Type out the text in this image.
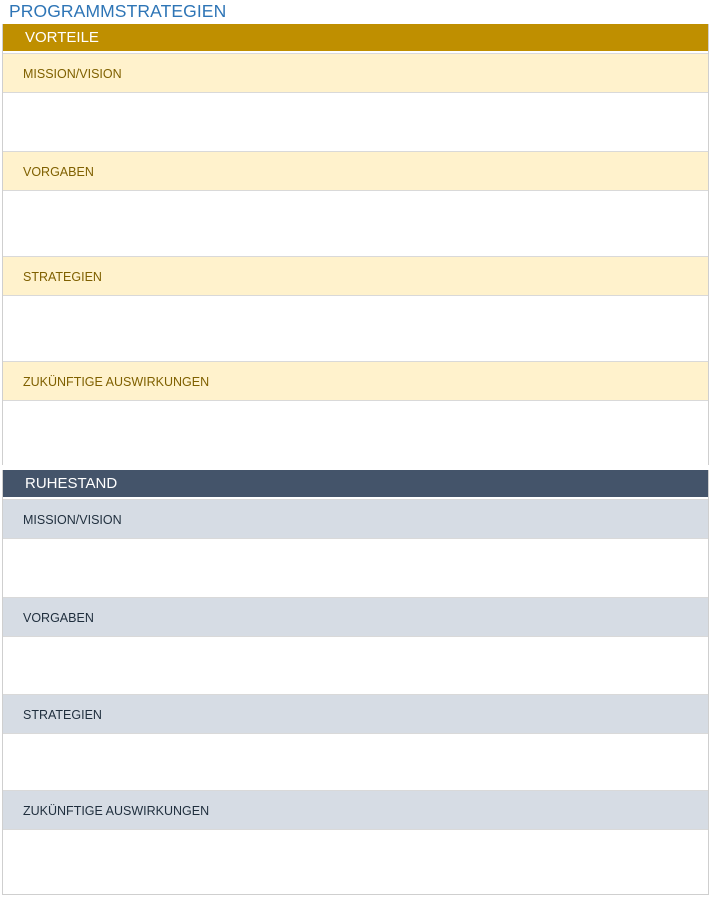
PROGRAMMSTRATEGIEN
VORTEILE
MISSION/VISION
VORGABEN
STRATEGIEN
ZUKÜNFTIGE AUSWIRKUNGEN
RUHESTAND
MISSION/VISION
VORGABEN
STRATEGIEN
ZUKÜNFTIGE AUSWIRKUNGEN
